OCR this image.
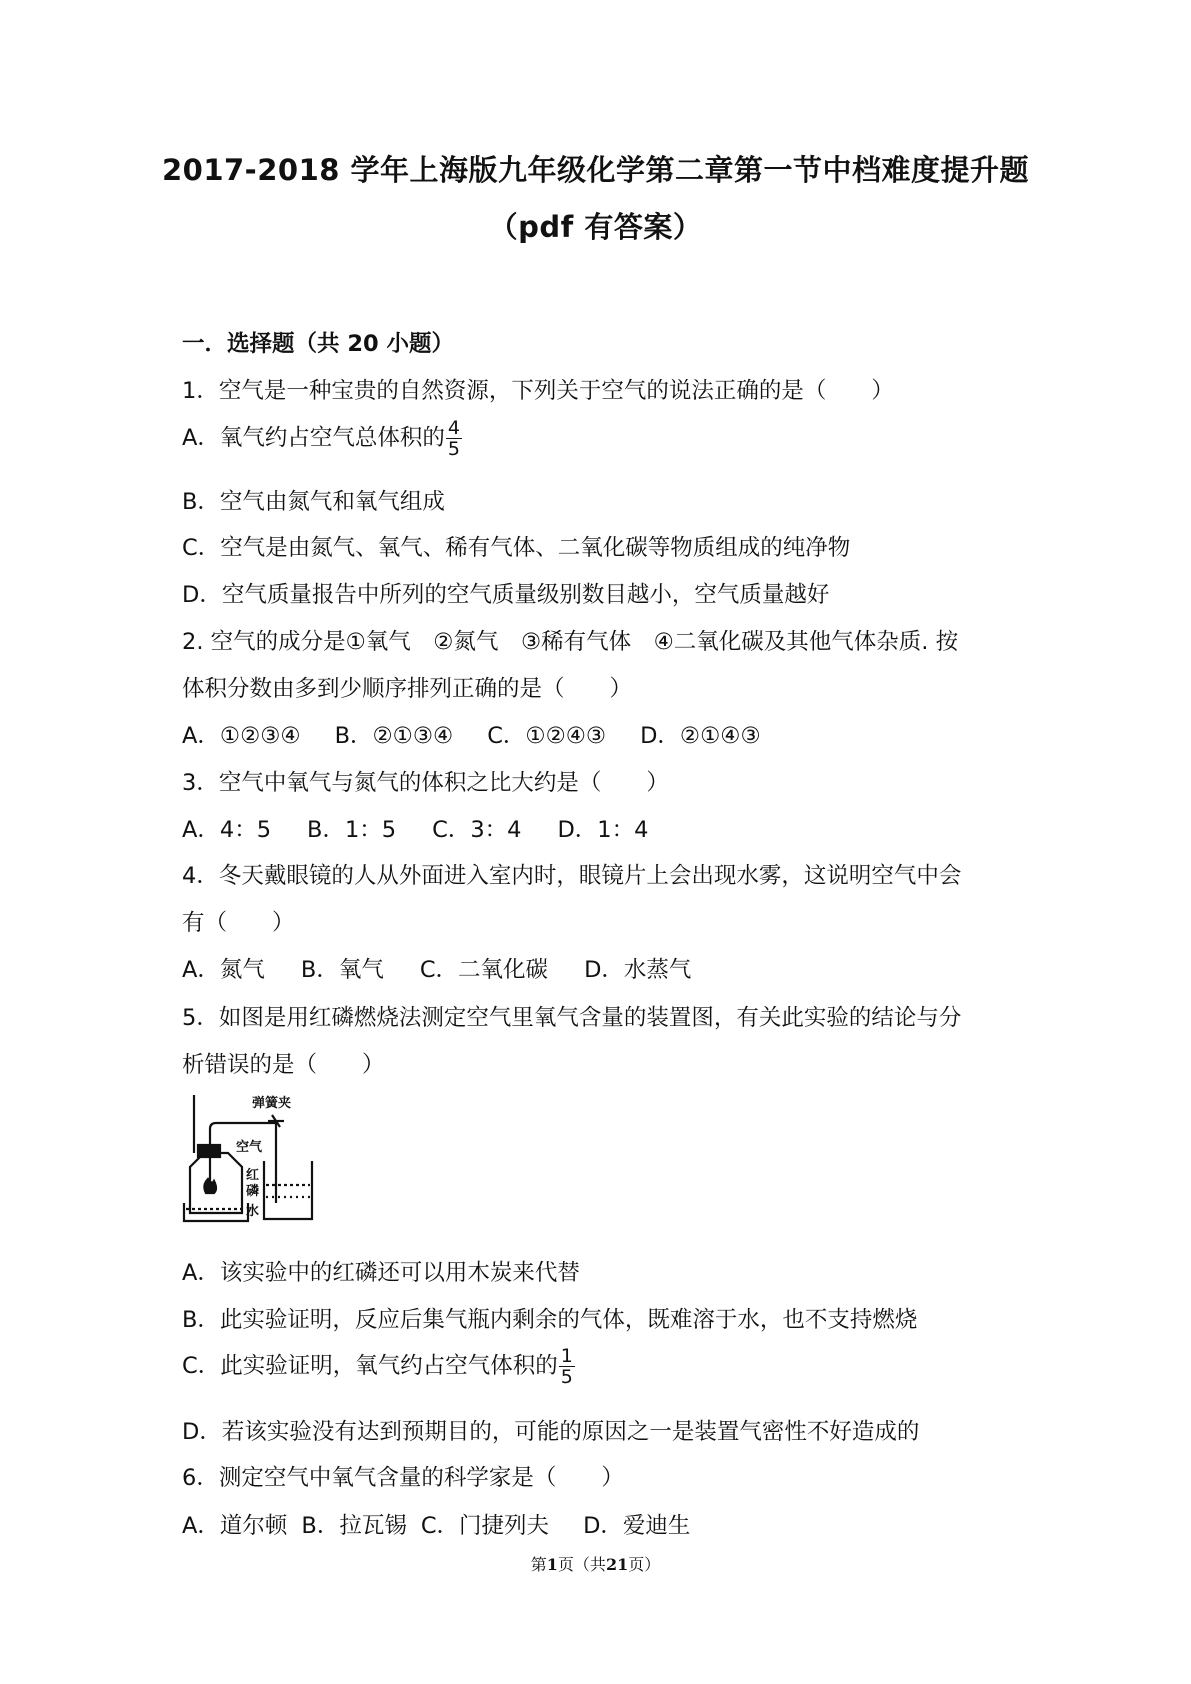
2017-2018 学年上海版九年级化学第二章第一节中档难度提升题
（pdf 有答案）
一．选择题（共 20 小题）
1．空气是一种宝贵的自然资源，下列关于空气的说法正确的是（　　）
A．氧气约占空气总体积的 $\frac{4}{5}$
B．空气由氮气和氧气组成
C．空气是由氮气、氧气、稀有气体、二氧化碳等物质组成的纯净物
D．空气质量报告中所列的空气质量级别数目越小，空气质量越好
2. 空气的成分是①氧气　②氮气　③稀有气体　④二氧化碳及其他气体杂质. 按
体积分数由多到少顺序排列正确的是（　　）
A．①②③④ B．②①③④ C．①②④③ D．②①④③
3．空气中氧气与氮气的体积之比大约是（　　）
A．4：5 B．1：5 C．3：4 D．1：4
4．冬天戴眼镜的人从外面进入室内时，眼镜片上会出现水雾，这说明空气中会
有（　　）
A．氮气 B．氧气 C．二氧化碳 D．水蒸气
5．如图是用红磷燃烧法测定空气里氧气含量的装置图，有关此实验的结论与分
析错误的是（　　）
弹簧夹
空气
红
磷
水
A．该实验中的红磷还可以用木炭来代替
B．此实验证明，反应后集气瓶内剩余的气体，既难溶于水，也不支持燃烧
C．此实验证明，氧气约占空气体积的 $\frac{1}{5}$
D．若该实验没有达到预期目的，可能的原因之一是装置气密性不好造成的
6．测定空气中氧气含量的科学家是（　　）
A．道尔顿 B．拉瓦锡 C．门捷列夫 D．爱迪生
第1页（共21页）
